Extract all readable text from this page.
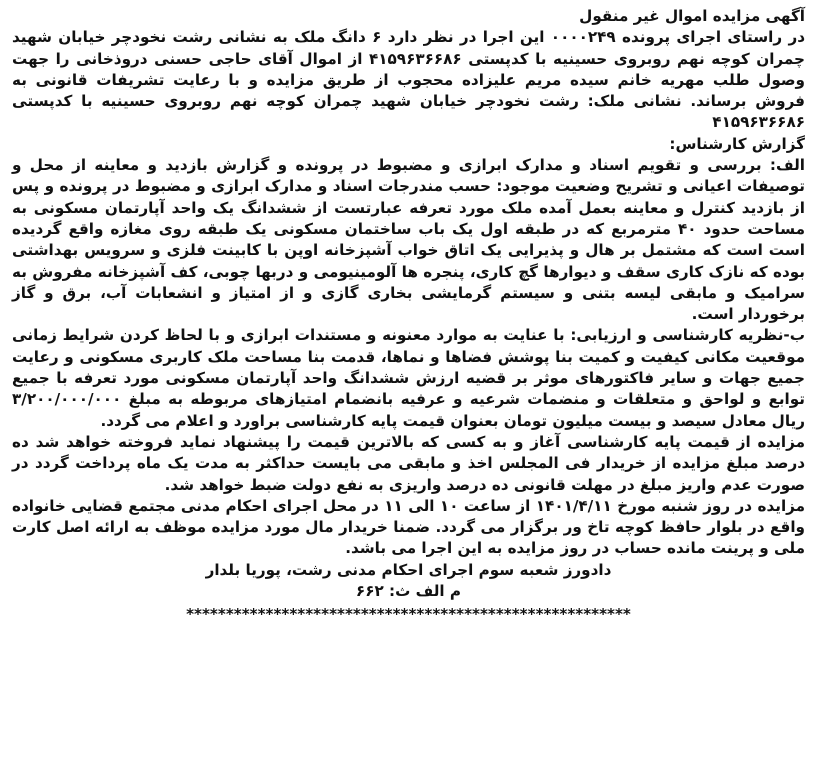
آگهی مزایده اموال غیر منقول

در راستای اجرای پرونده ۰۰۰۰۲۴۹ این اجرا در نظر دارد ۶ دانگ ملک به نشانی رشت نخودچر خیابان شهید چمران کوچه نهم روبروی حسینیه با کدپستی ۴۱۵۹۶۳۶۶۸۶ از اموال آقای حاجی حسنی دروذخانی را جهت وصول طلب مهریه خانم سیده مریم علیزاده محجوب از طریق مزایده و با رعایت تشریفات قانونی به فروش برساند. نشانی ملک: رشت نخودچر خیابان شهید چمران کوچه نهم روبروی حسینیه با کدپستی ۴۱۵۹۶۳۶۶۸۶

گزارش کارشناس:

الف: بررسی و تقویم اسناد و مدارک ابرازی و مضبوط در پرونده و گزارش بازدید و معاینه از محل و توصیفات اعیانی و تشریح وضعیت موجود: حسب مندرجات اسناد و مدارک ابرازی و مضبوط در پرونده و پس از بازدید کنترل و معاینه بعمل آمده ملک مورد تعرفه عبارتست از ششدانگ یک واحد آپارتمان مسکونی به مساحت حدود ۴۰ مترمربع که در طبقه اول یک باب ساختمان مسکونی یک طبقه روی مغازه واقع گردیده است است که مشتمل بر هال و پذیرایی یک اتاق خواب آشپزخانه اوپن با کابینت فلزی و سرویس بهداشتی بوده که نازک کاری سقف و دیوارها گچ کاری، پنجره ها آلومینیومی و دربها چوبی، کف آشپزخانه مفروش به سرامیک و مابقی لیسه بتنی و سیستم گرمایشی بخاری گازی و از امتیاز و انشعابات آب، برق و گاز برخوردار است.

ب-نظریه کارشناسی و ارزیابی: با عنایت به موارد معنونه و مستندات ابرازی و با لحاظ کردن شرایط زمانی موقعیت مکانی کیفیت و کمیت بنا پوشش فضاها و نماها، قدمت بنا مساحت ملک کاربری مسکونی و رعایت جمیع جهات و سایر فاکتورهای موثر بر قضیه ارزش ششدانگ واحد آپارتمان مسکونی مورد تعرفه با جمیع توابع و لواحق و متعلقات و منضمات شرعیه و عرفیه بانضمام امتیازهای مربوطه به مبلغ ۳/۲۰۰/۰۰۰/۰۰۰ ریال معادل سیصد و بیست میلیون تومان بعنوان قیمت پایه کارشناسی براورد و اعلام می گردد.

مزایده از قیمت پایه کارشناسی آغاز و به کسی که بالاترین قیمت را پیشنهاد نماید فروخته خواهد شد ده درصد مبلغ مزایده از خریدار فی المجلس اخذ و مابقی می بایست حداکثر به مدت یک ماه پرداخت گردد در صورت عدم واریز مبلغ در مهلت قانونی ده درصد واریزی به نفع دولت ضبط خواهد شد.

مزایده در روز شنبه مورخ ۱۴۰۱/۴/۱۱ از ساعت ۱۰ الی ۱۱ در محل اجرای احکام مدنی مجتمع قضایی خانواده واقع در بلوار حافظ کوچه تاخ ور برگزار می گردد. ضمنا خریدار مال مورد مزایده موظف به ارائه اصل کارت ملی و پرینت مانده حساب در روز مزایده به این اجرا می باشد.

دادورز شعبه سوم اجرای احکام مدنی رشت، پوریا بلدار

م الف ث: ۶۶۲

********************************************************
